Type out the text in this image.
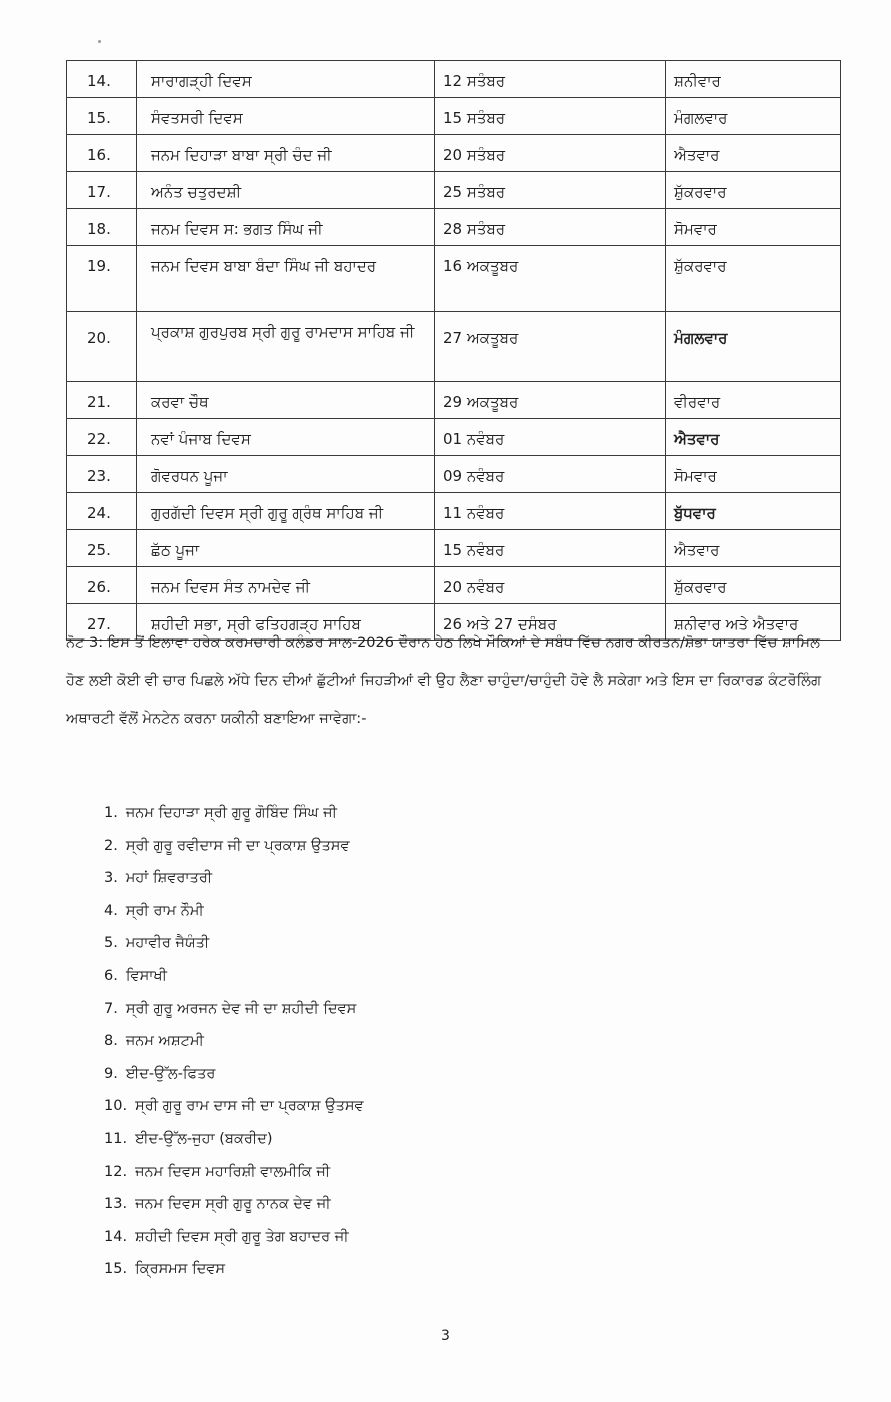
14.	ਸਾਰਾਗੜ੍ਹੀ ਦਿਵਸ	12 ਸਤੰਬਰ	ਸ਼ਨੀਵਾਰ
15.	ਸੰਵਤਸਰੀ ਦਿਵਸ	15 ਸਤੰਬਰ	ਮੰਗਲਵਾਰ
16.	ਜਨਮ ਦਿਹਾੜਾ ਬਾਬਾ ਸ੍ਰੀ ਚੰਦ ਜੀ	20 ਸਤੰਬਰ	ਐਤਵਾਰ
17.	ਅਨੰਤ ਚਤੁਰਦਸ਼ੀ	25 ਸਤੰਬਰ	ਸ਼ੁੱਕਰਵਾਰ
18.	ਜਨਮ ਦਿਵਸ ਸ: ਭਗਤ ਸਿੰਘ ਜੀ	28 ਸਤੰਬਰ	ਸੋਮਵਾਰ
19.	ਜਨਮ ਦਿਵਸ ਬਾਬਾ ਬੰਦਾ ਸਿੰਘ ਜੀ ਬਹਾਦਰ	16 ਅਕਤੂਬਰ	ਸ਼ੁੱਕਰਵਾਰ
20.	ਪ੍ਰਕਾਸ਼ ਗੁਰਪੁਰਬ ਸ੍ਰੀ ਗੁਰੂ ਰਾਮਦਾਸ ਸਾਹਿਬ ਜੀ	27 ਅਕਤੂਬਰ	ਮੰਗਲਵਾਰ
21.	ਕਰਵਾ ਚੌਥ	29 ਅਕਤੂਬਰ	ਵੀਰਵਾਰ
22.	ਨਵਾਂ ਪੰਜਾਬ ਦਿਵਸ	01 ਨਵੰਬਰ	ਐਤਵਾਰ
23.	ਗੋਵਰਧਨ ਪੂਜਾ	09 ਨਵੰਬਰ	ਸੋਮਵਾਰ
24.	ਗੁਰਗੱਦੀ ਦਿਵਸ ਸ੍ਰੀ ਗੁਰੂ ਗ੍ਰੰਥ ਸਾਹਿਬ ਜੀ	11 ਨਵੰਬਰ	ਬੁੱਧਵਾਰ
25.	ਛੱਠ ਪੂਜਾ	15 ਨਵੰਬਰ	ਐਤਵਾਰ
26.	ਜਨਮ ਦਿਵਸ ਸੰਤ ਨਾਮਦੇਵ ਜੀ	20 ਨਵੰਬਰ	ਸ਼ੁੱਕਰਵਾਰ
27.	ਸ਼ਹੀਦੀ ਸਭਾ, ਸ੍ਰੀ ਫਤਿਹਗੜ੍ਹ ਸਾਹਿਬ	26 ਅਤੇ 27 ਦਸੰਬਰ	ਸ਼ਨੀਵਾਰ ਅਤੇ ਐਤਵਾਰ
ਨੋਟ 3: ਇਸ ਤੋਂ ਇਲਾਵਾ ਹਰੇਕ ਕਰਮਚਾਰੀ ਕਲੰਡਰ ਸਾਲ-2026 ਦੌਰਾਨ ਹੇਠ ਲਿਖੇ ਮੌਕਿਆਂ ਦੇ ਸਬੰਧ ਵਿੱਚ ਨਗਰ ਕੀਰਤਨ/ਸ਼ੋਭਾ ਯਾਤਰਾ ਵਿੱਚ ਸ਼ਾਮਿਲ ਹੋਣ ਲਈ ਕੋਈ ਵੀ ਚਾਰ ਪਿਛਲੇ ਅੱਧੇ ਦਿਨ ਦੀਆਂ ਛੁੱਟੀਆਂ ਜਿਹੜੀਆਂ ਵੀ ਉਹ ਲੈਣਾ ਚਾਹੁੰਦਾ/ਚਾਹੁੰਦੀ ਹੋਵੇ ਲੈ ਸਕੇਗਾ ਅਤੇ ਇਸ ਦਾ ਰਿਕਾਰਡ ਕੰਟਰੋਲਿੰਗ ਅਥਾਰਟੀ ਵੱਲੋਂ ਮੇਨਟੇਨ ਕਰਨਾ ਯਕੀਨੀ ਬਣਾਇਆ ਜਾਵੇਗਾ:-
1. ਜਨਮ ਦਿਹਾੜਾ ਸ੍ਰੀ ਗੁਰੂ ਗੋਬਿੰਦ ਸਿੰਘ ਜੀ
2. ਸ੍ਰੀ ਗੁਰੂ ਰਵੀਦਾਸ ਜੀ ਦਾ ਪ੍ਰਕਾਸ਼ ਉਤਸਵ
3. ਮਹਾਂ ਸ਼ਿਵਰਾਤਰੀ
4. ਸ੍ਰੀ ਰਾਮ ਨੌਮੀ
5. ਮਹਾਵੀਰ ਜੈਯੰਤੀ
6. ਵਿਸਾਖੀ
7. ਸ੍ਰੀ ਗੁਰੂ ਅਰਜਨ ਦੇਵ ਜੀ ਦਾ ਸ਼ਹੀਦੀ ਦਿਵਸ
8. ਜਨਮ ਅਸ਼ਟਮੀ
9. ਈਦ-ਉੱਲ-ਫਿਤਰ
10. ਸ੍ਰੀ ਗੁਰੂ ਰਾਮ ਦਾਸ ਜੀ ਦਾ ਪ੍ਰਕਾਸ਼ ਉਤਸਵ
11. ਈਦ-ਉੱਲ-ਜੁਹਾ (ਬਕਰੀਦ)
12. ਜਨਮ ਦਿਵਸ ਮਹਾਰਿਸ਼ੀ ਵਾਲਮੀਕਿ ਜੀ
13. ਜਨਮ ਦਿਵਸ ਸ੍ਰੀ ਗੁਰੂ ਨਾਨਕ ਦੇਵ ਜੀ
14. ਸ਼ਹੀਦੀ ਦਿਵਸ ਸ੍ਰੀ ਗੁਰੂ ਤੇਗ ਬਹਾਦਰ ਜੀ
15. ਕ੍ਰਿਸਮਸ ਦਿਵਸ
3
